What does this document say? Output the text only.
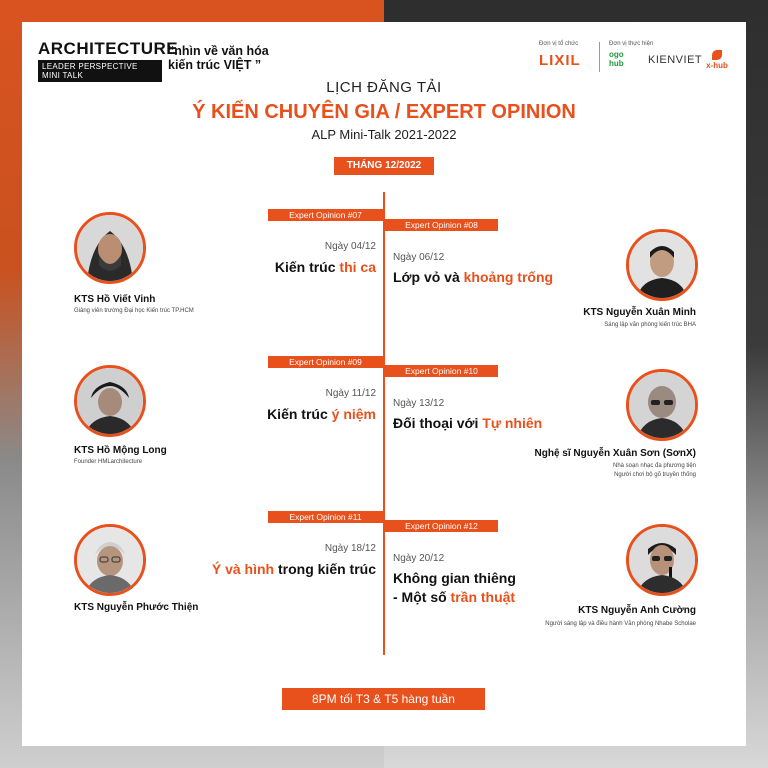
ARCHITECTURE
LEADER PERSPECTIVE MINI TALK
“nhìn về văn hóa
kiến trúc VIỆT ”
Đơn vị tổ chức
LIXIL
Đơn vị thực hiện
ogo hub	KIENVIET x-hub
LỊCH ĐĂNG TẢI
Ý KIẾN CHUYÊN GIA / EXPERT OPINION
ALP Mini-Talk 2021-2022
THÁNG 12/2022
Expert Opinion #07
Ngày 04/12
Kiến trúc thi ca
KTS Hồ Viết Vinh
Giảng viên trường Đại học Kiến trúc TP.HCM
Expert Opinion #08
Ngày 06/12
Lớp vỏ và khoảng trống
KTS Nguyễn Xuân Minh
Sáng lập văn phòng kiến trúc BHA
Expert Opinion #09
Ngày 11/12
Kiến trúc ý niệm
KTS Hồ Mộng Long
Founder HMLarchitecture
Expert Opinion #10
Ngày 13/12
Đối thoại với Tự nhiên
Nghệ sĩ Nguyễn Xuân Sơn (SơnX)
Nhà soạn nhạc đa phương tiện
Người chơi bộ gõ truyền thống
Expert Opinion #11
Ngày 18/12
Ý và hình trong kiến trúc
KTS Nguyễn Phước Thiện
Expert Opinion #12
Ngày 20/12
Không gian thiêng
- Một số trần thuật
KTS Nguyễn Anh Cường
Người sáng lập và điều hành Văn phòng Nhabe Scholae
8PM tối T3 & T5 hàng tuần
